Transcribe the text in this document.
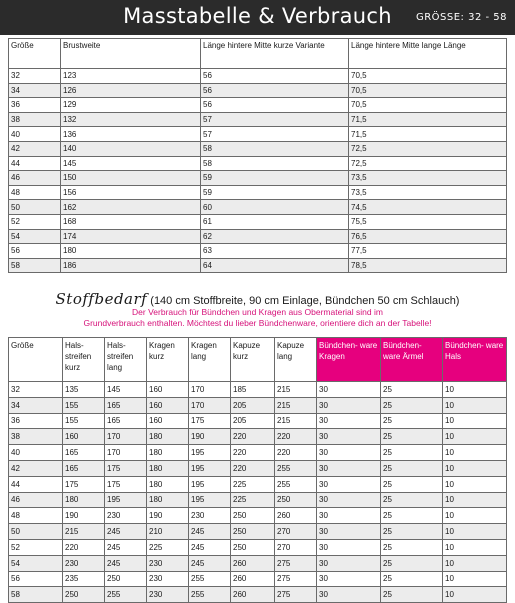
Masstabelle & Verbrauch	GRÖSSE: 32 - 58
Größe	Brustweite	Länge hintere Mitte kurze Variante	Länge hintere Mitte lange Länge
32	123	56	70,5
34	126	56	70,5
36	129	56	70,5
38	132	57	71,5
40	136	57	71,5
42	140	58	72,5
44	145	58	72,5
46	150	59	73,5
48	156	59	73,5
50	162	60	74,5
52	168	61	75,5
54	174	62	76,5
56	180	63	77,5
58	186	64	78,5
Stoffbedarf (140 cm Stoffbreite, 90 cm Einlage, Bündchen 50 cm Schlauch)
Der Verbrauch für Bündchen und Kragen aus Obermaterial sind im
Grundverbrauch enthalten. Möchtest du lieber Bündchenware, orientiere dich an der Tabelle!
Größe	Hals- streifen kurz	Hals- streifen lang	Kragen kurz	Kragen lang	Kapuze kurz	Kapuze lang	Bündchen- ware Kragen	Bündchen- ware Ärmel	Bündchen- ware Hals
32	135	145	160	170	185	215	30	25	10
34	155	165	160	170	205	215	30	25	10
36	155	165	160	175	205	215	30	25	10
38	160	170	180	190	220	220	30	25	10
40	165	170	180	195	220	220	30	25	10
42	165	175	180	195	220	255	30	25	10
44	175	175	180	195	225	255	30	25	10
46	180	195	180	195	225	250	30	25	10
48	190	230	190	230	250	260	30	25	10
50	215	245	210	245	250	270	30	25	10
52	220	245	225	245	250	270	30	25	10
54	230	245	230	245	260	275	30	25	10
56	235	250	230	255	260	275	30	25	10
58	250	255	230	255	260	275	30	25	10
